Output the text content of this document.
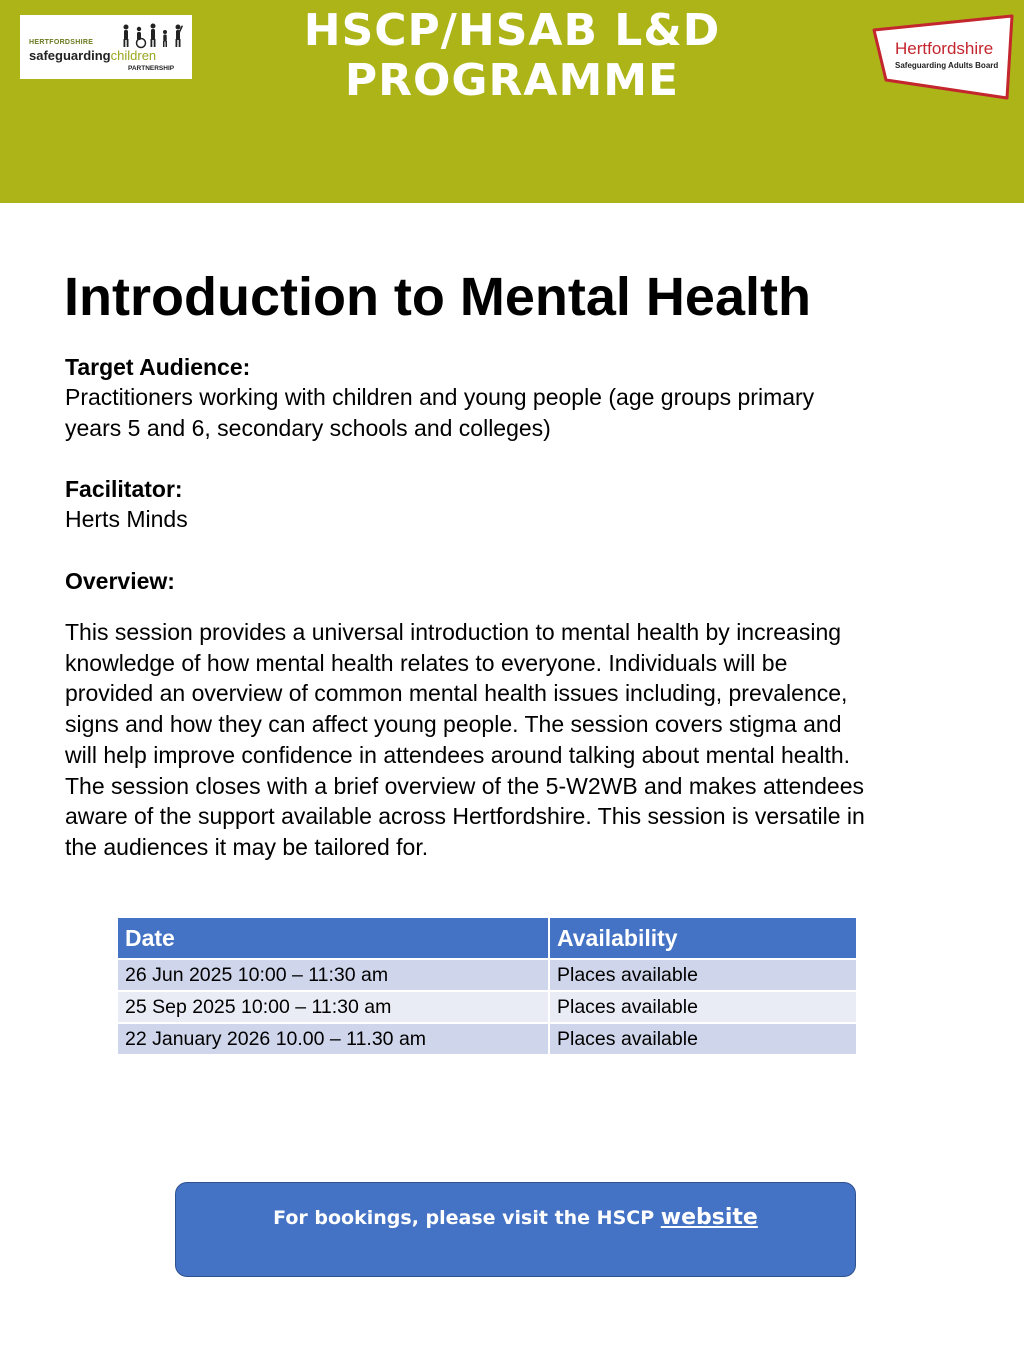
HERTFORDSHIRE
safeguardingchildren
PARTNERSHIP
HSCP/HSAB L&D
PROGRAMME
Hertfordshire
Safeguarding Adults Board
Introduction to Mental Health
Target Audience:
Practitioners working with children and young people (age groups primary
years 5 and 6, secondary schools and colleges)
Facilitator:
Herts Minds
Overview:
This session provides a universal introduction to mental health by increasing
knowledge of how mental health relates to everyone. Individuals will be
provided an overview of common mental health issues including, prevalence,
signs and how they can affect young people. The session covers stigma and
will help improve confidence in attendees around talking about mental health.
The session closes with a brief overview of the 5-W2WB and makes attendees
aware of the support available across Hertfordshire. This session is versatile in
the audiences it may be tailored for.
Date	Availability
26 Jun 2025 10:00 – 11:30 am	Places available
25 Sep 2025 10:00 – 11:30 am	Places available
22 January 2026 10.00 – 11.30 am	Places available
For bookings, please visit the HSCP website
